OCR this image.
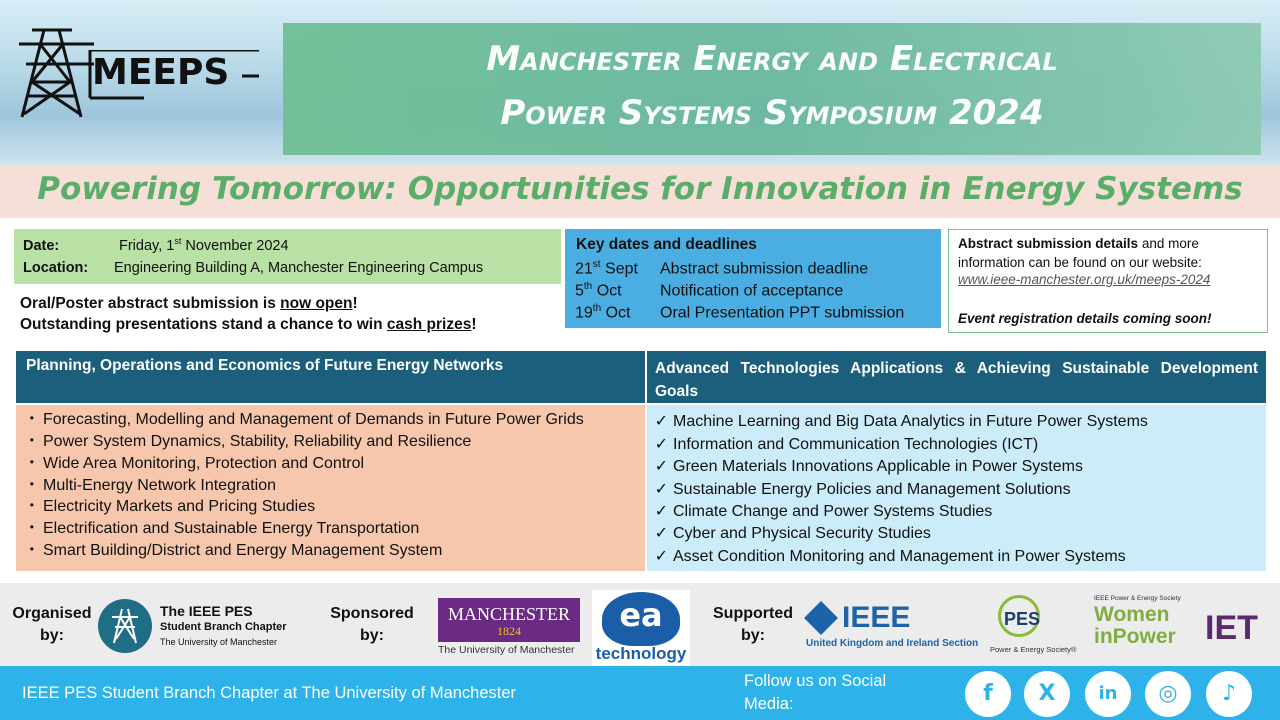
MEEPS	Manchester Energy and Electrical
Power Systems Symposium 2024
Powering Tomorrow: Opportunities for Innovation in Energy Systems
Date:	Friday, 1st November 2024
Location: Engineering Building A, Manchester Engineering Campus
Oral/Poster abstract submission is now open!
Outstanding presentations stand a chance to win cash prizes!
Key dates and deadlines
21st Sept Abstract submission deadline
5th Oct Notification of acceptance
19th Oct Oral Presentation PPT submission
Abstract submission details and more information can be found on our website:
www.ieee-manchester.org.uk/meeps-2024
Event registration details coming soon!
Planning, Operations and Economics of Future Energy Networks	Advanced Technologies Applications & Achieving Sustainable Development Goals
• Forecasting, Modelling and Management of Demands in Future Power Grids
• Power System Dynamics, Stability, Reliability and Resilience
• Wide Area Monitoring, Protection and Control
• Multi-Energy Network Integration
• Electricity Markets and Pricing Studies
• Electrification and Sustainable Energy Transportation
• Smart Building/District and Energy Management System
✓ Machine Learning and Big Data Analytics in Future Power Systems
✓ Information and Communication Technologies (ICT)
✓ Green Materials Innovations Applicable in Power Systems
✓ Sustainable Energy Policies and Management Solutions
✓ Climate Change and Power Systems Studies
✓ Cyber and Physical Security Studies
✓ Asset Condition Monitoring and Management in Power Systems
Organised by:
The IEEE PES
Student Branch Chapter
The University of Manchester
Sponsored by:
MANCHESTER
1824
The University of Manchester
ea
technology
Supported by:
IEEE
United Kingdom and Ireland Section
PES
Power & Energy Society®
IEEE Power & Energy Society
Women
inPower IET
IEEE PES Student Branch Chapter at The University of Manchester
Follow us on Social Media:	f	X	in	◎	♪
